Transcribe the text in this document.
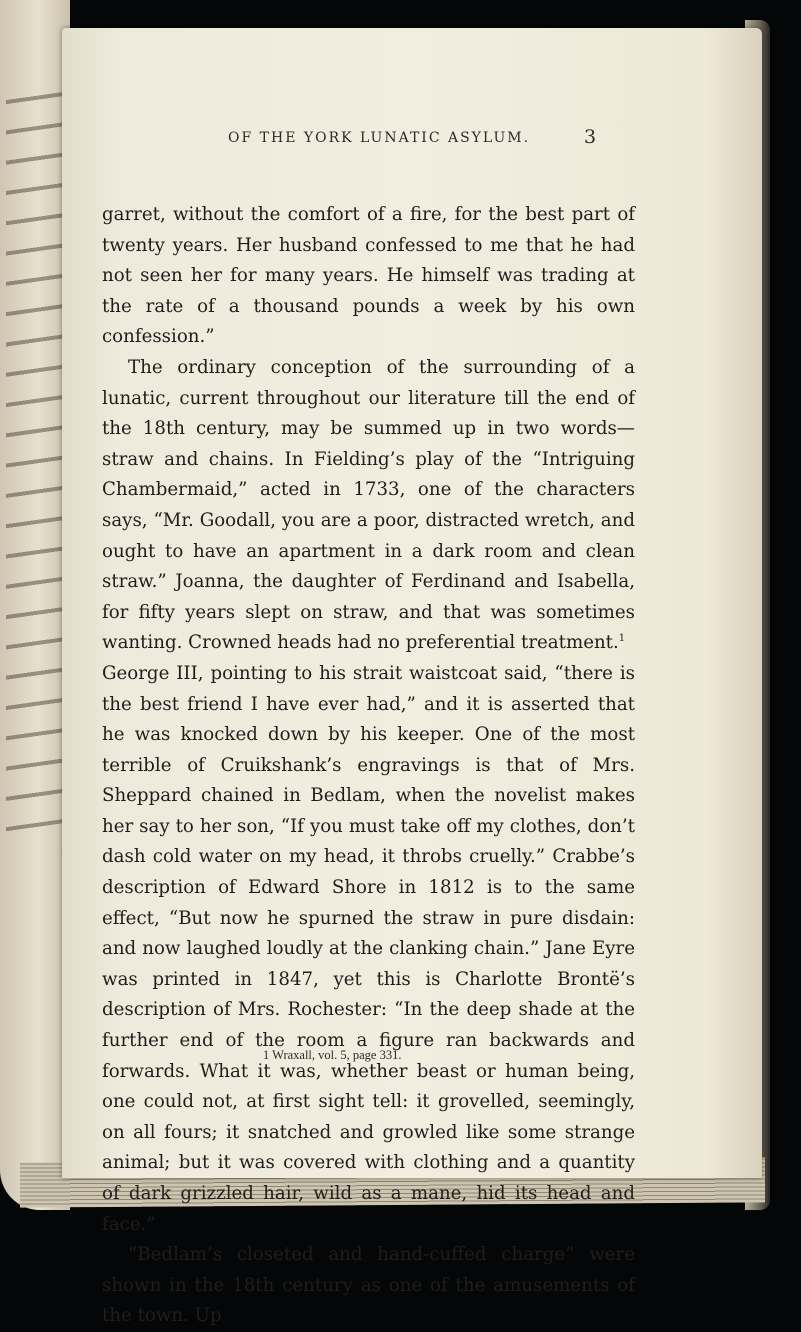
OF THE YORK LUNATIC ASYLUM.	3

garret, without the comfort of a fire, for the best part of twenty years. Her husband confessed to me that he had not seen her for many years. He himself was trading at the rate of a thousand pounds a week by his own confession.”

The ordinary conception of the surrounding of a lunatic, current throughout our literature till the end of the 18th century, may be summed up in two words—straw and chains. In Fielding’s play of the “Intriguing Chambermaid,” acted in 1733, one of the characters says, “Mr. Goodall, you are a poor, distracted wretch, and ought to have an apartment in a dark room and clean straw.” Joanna, the daughter of Ferdinand and Isabella, for fifty years slept on straw, and that was sometimes wanting. Crowned heads had no preferential treatment.$^1$

George III, pointing to his strait waistcoat said, “there is the best friend I have ever had,” and it is asserted that he was knocked down by his keeper. One of the most terrible of Cruikshank’s engravings is that of Mrs. Sheppard chained in Bedlam, when the novelist makes her say to her son, “If you must take off my clothes, don’t dash cold water on my head, it throbs cruelly.” Crabbe’s description of Edward Shore in 1812 is to the same effect, “But now he spurned the straw in pure disdain: and now laughed loudly at the clanking chain.” Jane Eyre was printed in 1847, yet this is Charlotte Brontë’s description of Mrs. Rochester: “In the deep shade at the further end of the room a figure ran backwards and forwards. What it was, whether beast or human being, one could not, at first sight tell: it grovelled, seemingly, on all fours; it snatched and growled like some strange animal; but it was covered with clothing and a quantity of dark grizzled hair, wild as a mane, hid its head and face.”

“Bedlam’s closeted and hand-cuffed charge” were shown in the 18th century as one of the amusements of the town. Up

1 Wraxall, vol. 5, page 331.
